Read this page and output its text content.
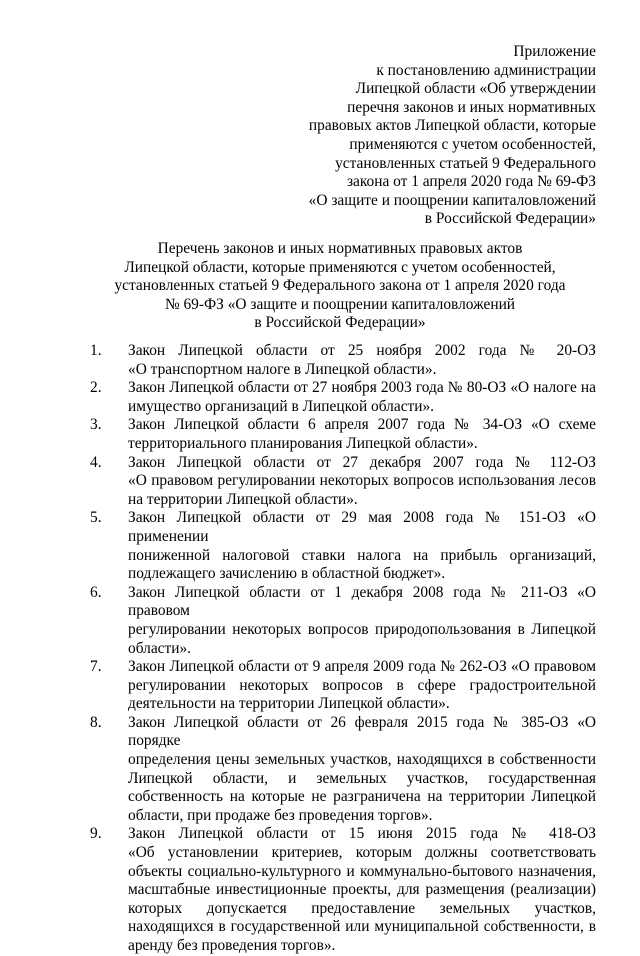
Приложение
к постановлению администрации
Липецкой области «Об утверждении
перечня законов и иных нормативных
правовых актов Липецкой области, которые
применяются с учетом особенностей,
установленных статьей 9 Федерального
закона от 1 апреля 2020 года № 69-ФЗ
«О защите и поощрении капиталовложений
в Российской Федерации»
Перечень законов и иных нормативных правовых актов
Липецкой области, которые применяются с учетом особенностей,
установленных статьей 9 Федерального закона от 1 апреля 2020 года
№ 69-ФЗ «О защите и поощрении капиталовложений
в Российской Федерации»
1.	Закон Липецкой области от 25 ноября 2002 года № 20-ОЗ
«О транспортном налоге в Липецкой области».
2.	Закон Липецкой области от 27 ноября 2003 года № 80-ОЗ «О налоге на
имущество организаций в Липецкой области».
3.	Закон Липецкой области 6 апреля 2007 года № 34-ОЗ «О схеме
территориального планирования Липецкой области».
4.	Закон Липецкой области от 27 декабря 2007 года № 112-ОЗ
«О правовом регулировании некоторых вопросов использования лесов
на территории Липецкой области».
5.	Закон Липецкой области от 29 мая 2008 года № 151-ОЗ «О применении
пониженной налоговой ставки налога на прибыль организаций,
подлежащего зачислению в областной бюджет».
6.	Закон Липецкой области от 1 декабря 2008 года № 211-ОЗ «О правовом
регулировании некоторых вопросов природопользования в Липецкой
области».
7.	Закон Липецкой области от 9 апреля 2009 года № 262-ОЗ «О правовом
регулировании некоторых вопросов в сфере градостроительной
деятельности на территории Липецкой области».
8.	Закон Липецкой области от 26 февраля 2015 года № 385-ОЗ «О порядке
определения цены земельных участков, находящихся в собственности
Липецкой области, и земельных участков, государственная
собственность на которые не разграничена на территории Липецкой
области, при продаже без проведения торгов».
9.	Закон Липецкой области от 15 июня 2015 года № 418-ОЗ
«Об установлении критериев, которым должны соответствовать
объекты социально-культурного и коммунально-бытового назначения,
масштабные инвестиционные проекты, для размещения (реализации)
которых допускается предоставление земельных участков,
находящихся в государственной или муниципальной собственности, в
аренду без проведения торгов».
